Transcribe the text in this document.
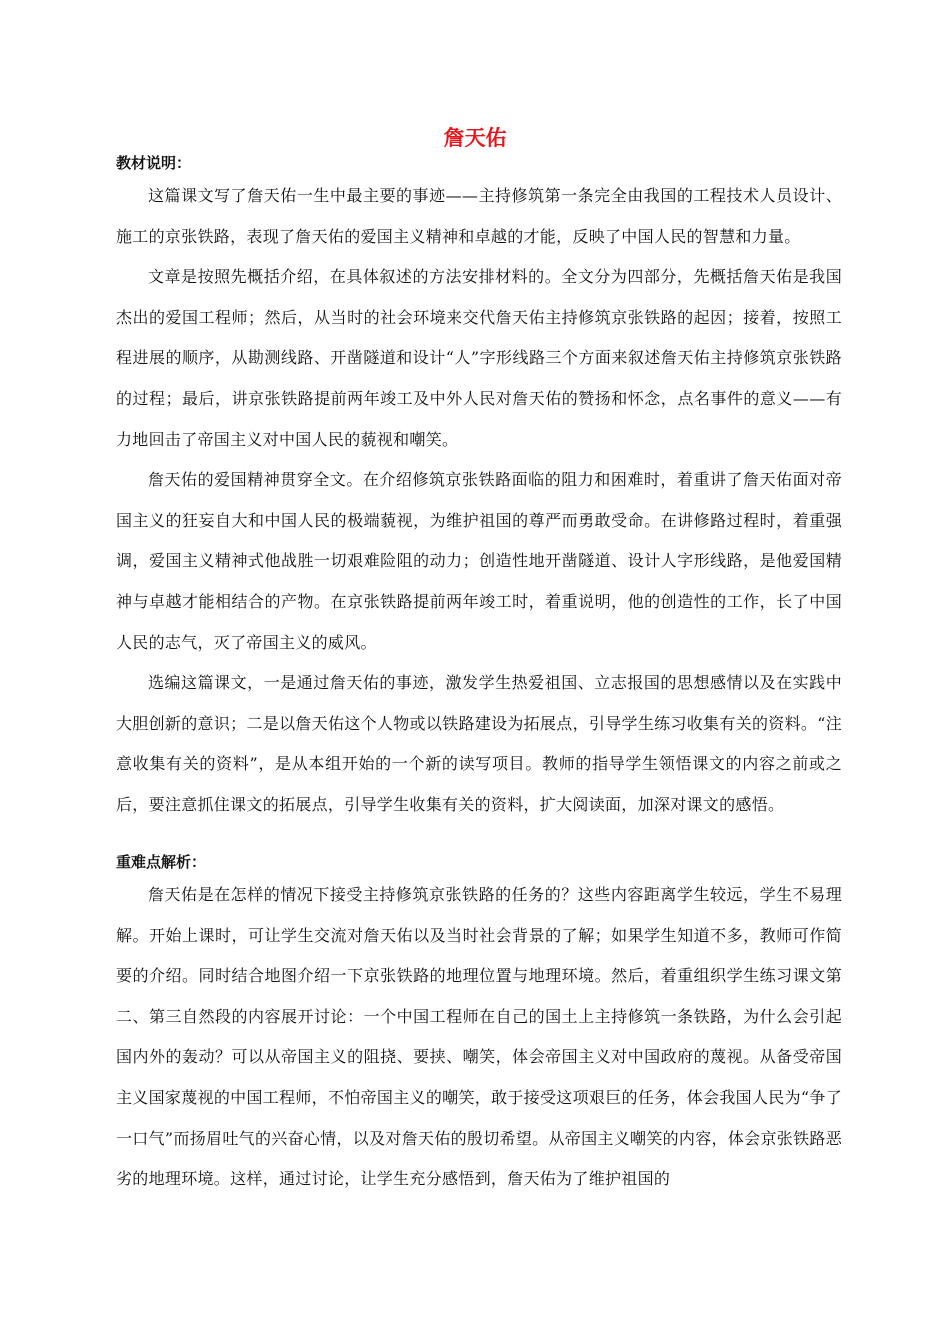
詹天佑

教材说明：

这篇课文写了詹天佑一生中最主要的事迹——主持修筑第一条完全由我国的工程技术人员设计、施工的京张铁路，表现了詹天佑的爱国主义精神和卓越的才能，反映了中国人民的智慧和力量。

文章是按照先概括介绍，在具体叙述的方法安排材料的。全文分为四部分，先概括詹天佑是我国杰出的爱国工程师；然后，从当时的社会环境来交代詹天佑主持修筑京张铁路的起因；接着，按照工程进展的顺序，从勘测线路、开凿隧道和设计“人”字形线路三个方面来叙述詹天佑主持修筑京张铁路的过程；最后，讲京张铁路提前两年竣工及中外人民对詹天佑的赞扬和怀念，点名事件的意义——有力地回击了帝国主义对中国人民的藐视和嘲笑。

詹天佑的爱国精神贯穿全文。在介绍修筑京张铁路面临的阻力和困难时，着重讲了詹天佑面对帝国主义的狂妄自大和中国人民的极端藐视，为维护祖国的尊严而勇敢受命。在讲修路过程时，着重强调，爱国主义精神式他战胜一切艰难险阻的动力；创造性地开凿隧道、设计人字形线路，是他爱国精神与卓越才能相结合的产物。在京张铁路提前两年竣工时，着重说明，他的创造性的工作，长了中国人民的志气，灭了帝国主义的威风。

选编这篇课文，一是通过詹天佑的事迹，激发学生热爱祖国、立志报国的思想感情以及在实践中大胆创新的意识；二是以詹天佑这个人物或以铁路建设为拓展点，引导学生练习收集有关的资料。“注意收集有关的资料”，是从本组开始的一个新的读写项目。教师的指导学生领悟课文的内容之前或之后，要注意抓住课文的拓展点，引导学生收集有关的资料，扩大阅读面，加深对课文的感悟。

重难点解析：

詹天佑是在怎样的情况下接受主持修筑京张铁路的任务的？这些内容距离学生较远，学生不易理解。开始上课时，可让学生交流对詹天佑以及当时社会背景的了解；如果学生知道不多，教师可作简要的介绍。同时结合地图介绍一下京张铁路的地理位置与地理环境。然后，着重组织学生练习课文第二、第三自然段的内容展开讨论：一个中国工程师在自己的国土上主持修筑一条铁路，为什么会引起国内外的轰动？可以从帝国主义的阻挠、要挟、嘲笑，体会帝国主义对中国政府的蔑视。从备受帝国主义国家蔑视的中国工程师，不怕帝国主义的嘲笑，敢于接受这项艰巨的任务，体会我国人民为“争了一口气”而扬眉吐气的兴奋心情，以及对詹天佑的殷切希望。从帝国主义嘲笑的内容，体会京张铁路恶劣的地理环境。这样，通过讨论，让学生充分感悟到，詹天佑为了维护祖国的
